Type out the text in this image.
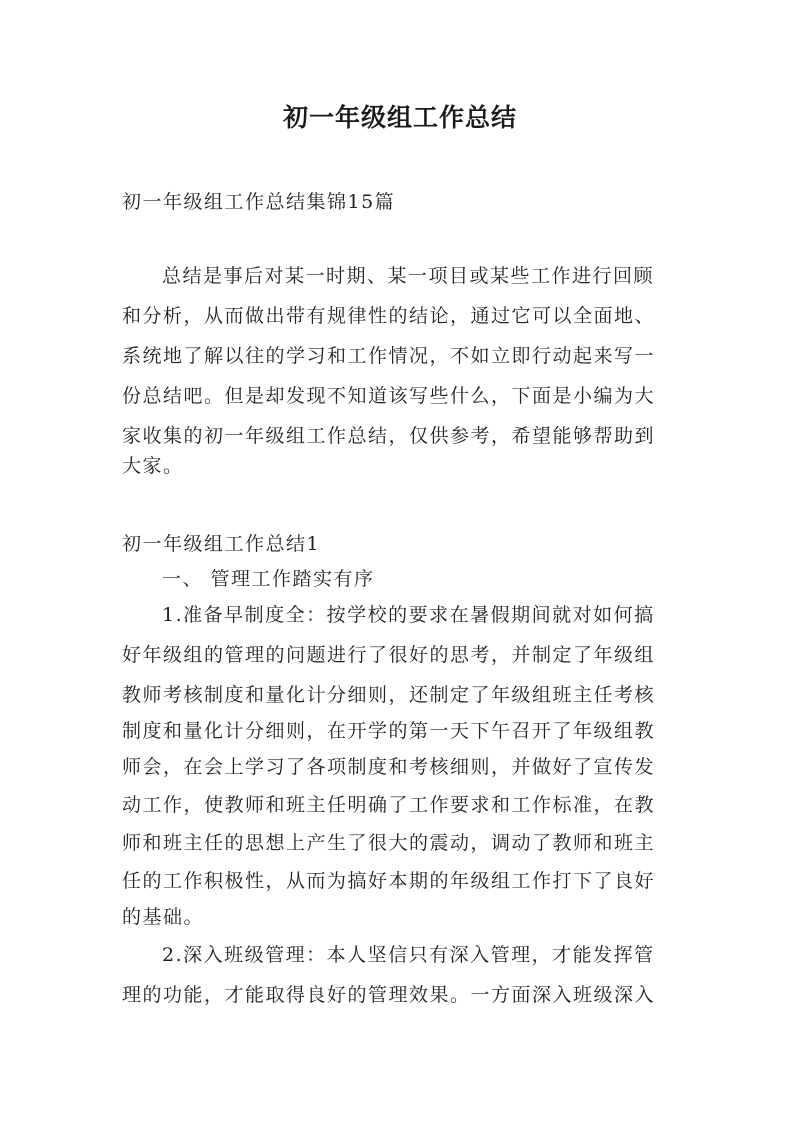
初一年级组工作总结
初一年级组工作总结集锦15篇
总结是事后对某一时期、某一项目或某些工作进行回顾
和分析，从而做出带有规律性的结论，通过它可以全面地、
系统地了解以往的学习和工作情况，不如立即行动起来写一
份总结吧。但是却发现不知道该写些什么，下面是小编为大
家收集的初一年级组工作总结，仅供参考，希望能够帮助到
大家。
初一年级组工作总结1
一、 管理工作踏实有序
1.准备早制度全：按学校的要求在暑假期间就对如何搞
好年级组的管理的问题进行了很好的思考，并制定了年级组
教师考核制度和量化计分细则，还制定了年级组班主任考核
制度和量化计分细则，在开学的第一天下午召开了年级组教
师会，在会上学习了各项制度和考核细则，并做好了宣传发
动工作，使教师和班主任明确了工作要求和工作标准，在教
师和班主任的思想上产生了很大的震动，调动了教师和班主
任的工作积极性，从而为搞好本期的年级组工作打下了良好
的基础。
2.深入班级管理：本人坚信只有深入管理，才能发挥管
理的功能，才能取得良好的管理效果。一方面深入班级深入
